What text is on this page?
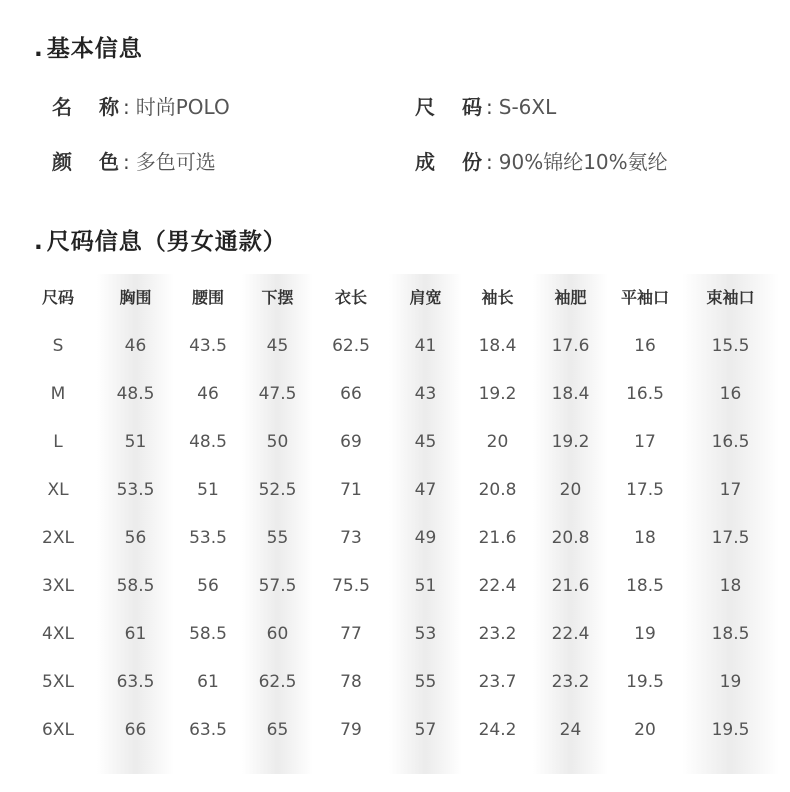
. 基本信息
名 称 : 时尚POLO	尺 码 : S-6XL
颜 色 : 多色可选	成 份 : 90%锦纶10%氨纶
. 尺码信息（男女通款）
尺码
S
M
L
XL
2XL
3XL
4XL
5XL
6XL
胸围
46
48.5
51
53.5
56
58.5
61
63.5
66
腰围
43.5
46
48.5
51
53.5
56
58.5
61
63.5
下摆
45
47.5
50
52.5
55
57.5
60
62.5
65
衣长
62.5
66
69
71
73
75.5
77
78
79
肩宽
41
43
45
47
49
51
53
55
57
袖长
18.4
19.2
20
20.8
21.6
22.4
23.2
23.7
24.2
袖肥
17.6
18.4
19.2
20
20.8
21.6
22.4
23.2
24
平袖口
16
16.5
17
17.5
18
18.5
19
19.5
20
束袖口
15.5
16
16.5
17
17.5
18
18.5
19
19.5
